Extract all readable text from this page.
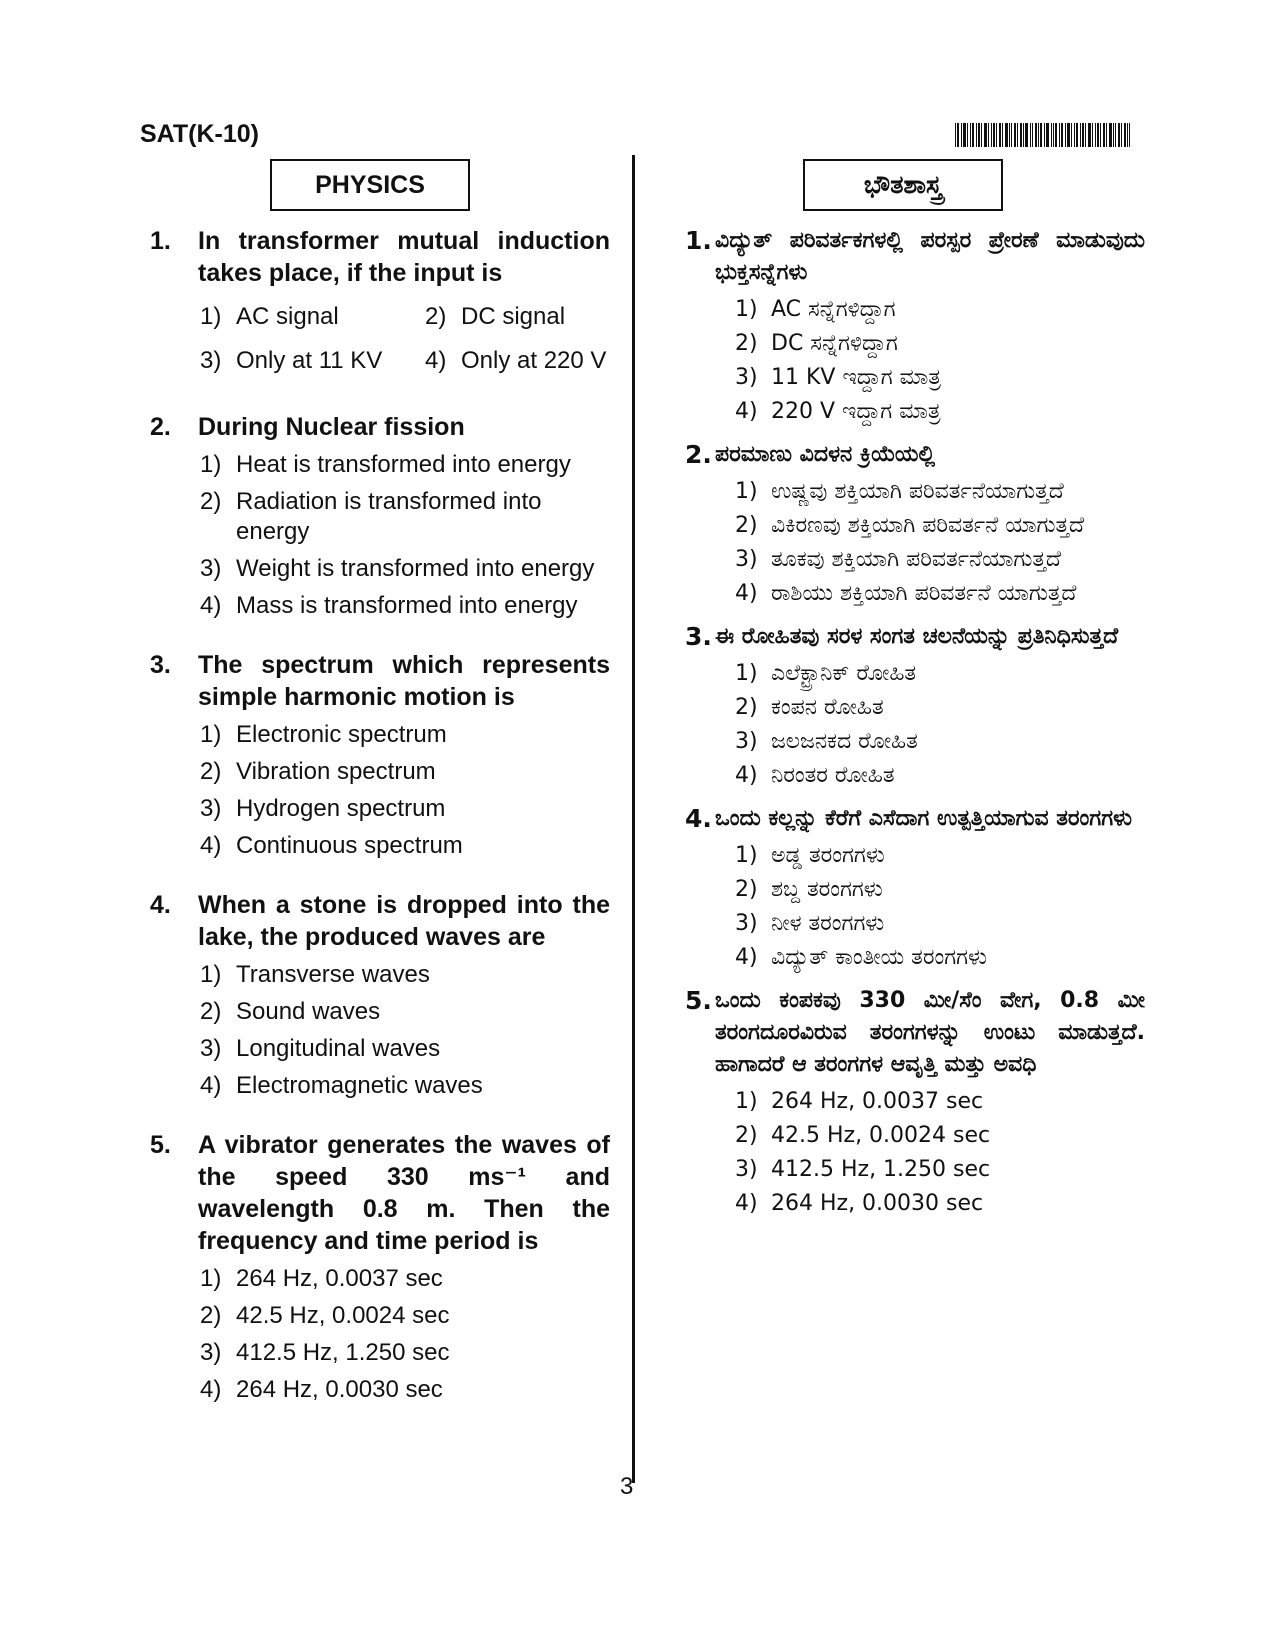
SAT(K-10)
PHYSICS	ಭೌತಶಾಸ್ತ್ರ
1.	In transformer mutual induction takes place, if the input is
1) AC signal	2) DC signal
3) Only at 11 KV 4) Only at 220 V
2.	During Nuclear fission
1) Heat is transformed into energy
2) Radiation is transformed into energy
3) Weight is transformed into energy
4) Mass is transformed into energy
3.	The spectrum which represents simple harmonic motion is
1) Electronic spectrum
2) Vibration spectrum
3) Hydrogen spectrum
4) Continuous spectrum
4.	When a stone is dropped into the lake, the produced waves are
1) Transverse waves
2) Sound waves
3) Longitudinal waves
4) Electromagnetic waves
5.	A vibrator generates the waves of the speed 330 ms⁻¹ and wavelength 0.8 m. Then the frequency and time period is
1) 264 Hz, 0.0037 sec
2) 42.5 Hz, 0.0024 sec
3) 412.5 Hz, 1.250 sec
4) 264 Hz, 0.0030 sec
1. ವಿದ್ಯುತ್ ಪರಿವರ್ತಕಗಳಲ್ಲಿ ಪರಸ್ಪರ ಪ್ರೇರಣೆ ಮಾಡುವುದು ಭುಕ್ತಸನ್ನೆಗಳು
1) AC ಸನ್ನೆಗಳಿದ್ದಾಗ
2) DC ಸನ್ನೆಗಳಿದ್ದಾಗ
3) 11 KV ಇದ್ದಾಗ ಮಾತ್ರ
4) 220 V ಇದ್ದಾಗ ಮಾತ್ರ
2. ಪರಮಾಣು ವಿದಳನ ಕ್ರಿಯೆಯಲ್ಲಿ
1) ಉಷ್ಣವು ಶಕ್ತಿಯಾಗಿ ಪರಿವರ್ತನೆಯಾಗುತ್ತದೆ
2) ವಿಕಿರಣವು ಶಕ್ತಿಯಾಗಿ ಪರಿವರ್ತನೆ ಯಾಗುತ್ತದೆ
3) ತೂಕವು ಶಕ್ತಿಯಾಗಿ ಪರಿವರ್ತನೆಯಾಗುತ್ತದೆ
4) ರಾಶಿಯು ಶಕ್ತಿಯಾಗಿ ಪರಿವರ್ತನೆ ಯಾಗುತ್ತದೆ
3. ಈ ರೋಹಿತವು ಸರಳ ಸಂಗತ ಚಲನೆಯನ್ನು ಪ್ರತಿನಿಧಿಸುತ್ತದೆ
1) ಎಲೆಕ್ಟ್ರಾನಿಕ್ ರೋಹಿತ
2) ಕಂಪನ ರೋಹಿತ
3) ಜಲಜನಕದ ರೋಹಿತ
4) ನಿರಂತರ ರೋಹಿತ
4. ಒಂದು ಕಲ್ಲನ್ನು ಕೆರೆಗೆ ಎಸೆದಾಗ ಉತ್ಪತ್ತಿಯಾಗುವ ತರಂಗಗಳು
1) ಅಡ್ಡ ತರಂಗಗಳು
2) ಶಬ್ದ ತರಂಗಗಳು
3) ನೀಳ ತರಂಗಗಳು
4) ವಿದ್ಯುತ್ ಕಾಂತೀಯ ತರಂಗಗಳು
5. ಒಂದು ಕಂಪಕವು 330 ಮೀ/ಸೆಂ ವೇಗ, 0.8 ಮೀ ತರಂಗದೂರವಿರುವ ತರಂಗಗಳನ್ನು ಉಂಟು ಮಾಡುತ್ತದೆ. ಹಾಗಾದರೆ ಆ ತರಂಗಗಳ ಆವೃತ್ತಿ ಮತ್ತು ಅವಧಿ
1) 264 Hz, 0.0037 sec
2) 42.5 Hz, 0.0024 sec
3) 412.5 Hz, 1.250 sec
4) 264 Hz, 0.0030 sec
3
